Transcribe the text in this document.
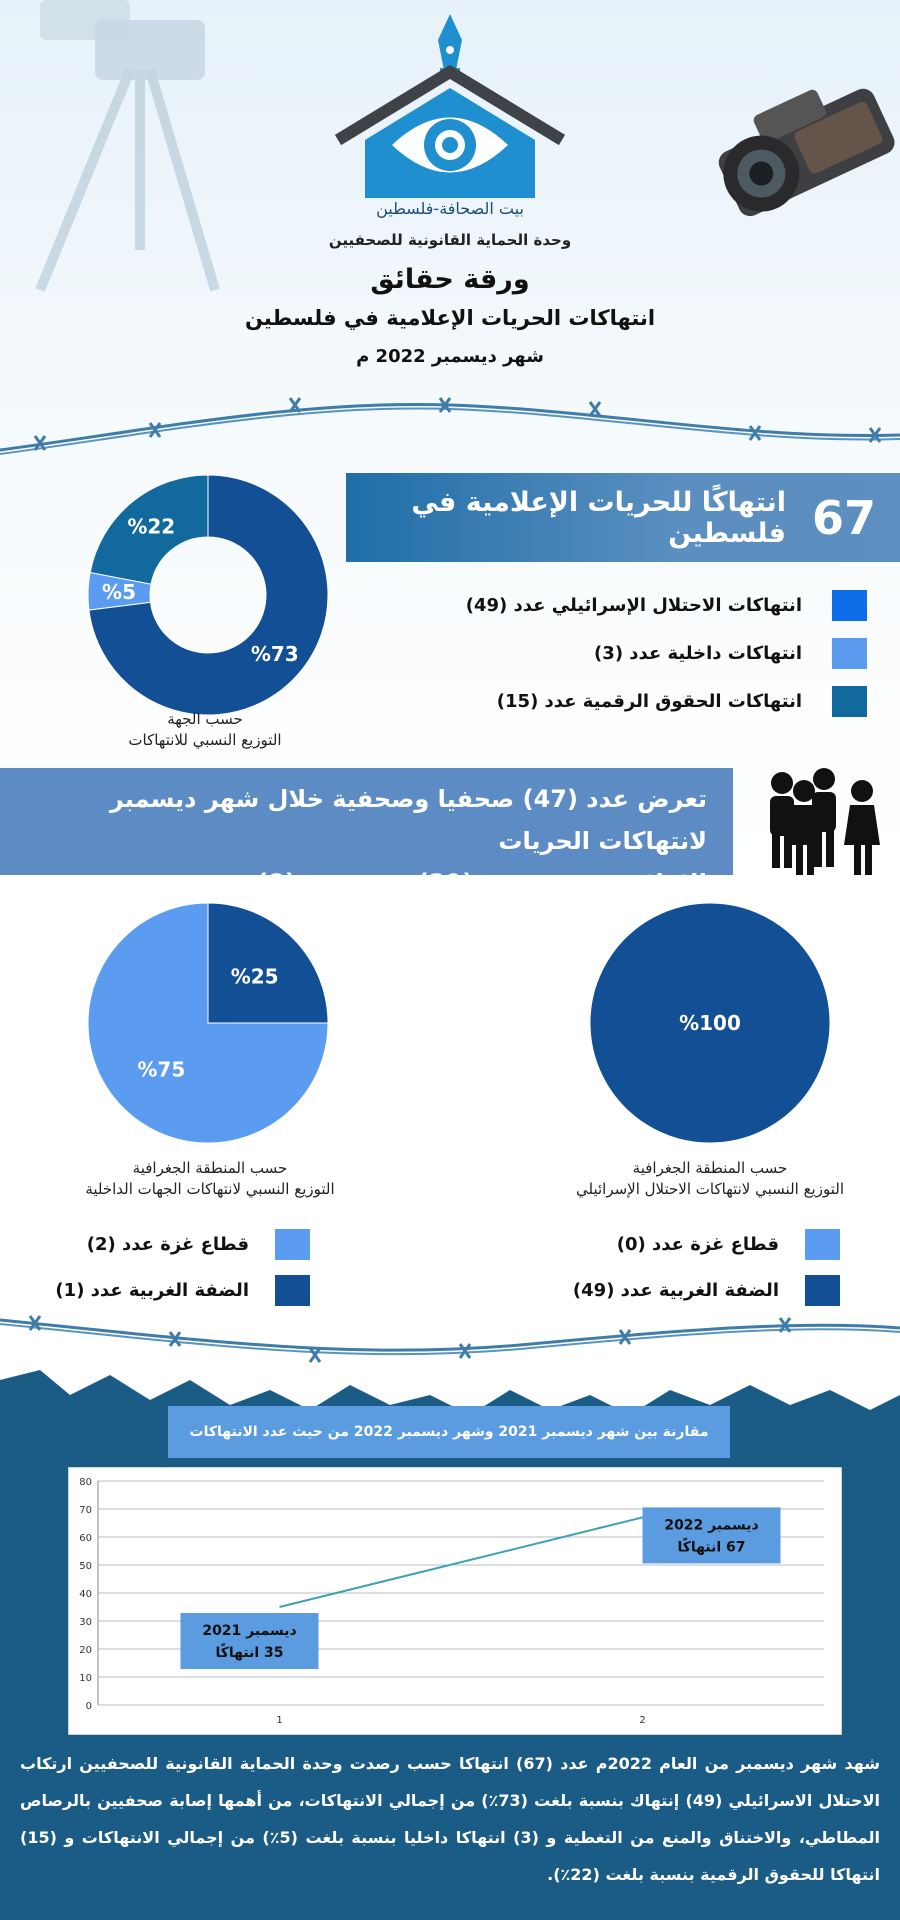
بيت الصحافة-فلسطين
وحدة الحماية القانونية للصحفيين
ورقة حقائق
انتهاكات الحريات الإعلامية في فلسطين
شهر ديسمبر 2022 م
%73
%5
%22
حسب الجهة
التوزيع النسبي للانتهاكات
67
انتهاكًا للحريات الإعلامية في فلسطين
انتهاكات الاحتلال الإسرائيلي عدد (49)
انتهاكات داخلية عدد (3)
انتهاكات الحقوق الرقمية عدد (15)
تعرض عدد (47) صحفيا وصحفية خلال شهر ديسمبر لانتهاكات الحريات
الإعلامية، من بينهم (39) صحفي و (8) صحفية.
%25
%75
حسب المنطقة الجغرافية
التوزيع النسبي لانتهاكات الجهات الداخلية
قطاع غزة عدد (2)
الضفة الغربية عدد (1)
%100
حسب المنطقة الجغرافية
التوزيع النسبي لانتهاكات الاحتلال الإسرائيلي
قطاع غزة عدد (0)
الضفة الغربية عدد (49)
مقارنة بين شهر ديسمبر 2021 وشهر ديسمبر 2022 من حيث عدد الانتهاكات
0
10
20
30
40
50
60
70
80
1	2
ديسمبر 2021
35 انتهاكًا
ديسمبر 2022
67 انتهاكًا
شهد شهر ديسمبر من العام 2022م عدد (67) انتهاكا حسب رصدت وحدة الحماية القانونية للصحفيين ارتكاب الاحتلال الاسرائيلي (49) إنتهاك بنسبة بلغت (73٪) من إجمالي الانتهاكات، من أهمها إصابة صحفيين بالرصاص المطاطي، والاختناق والمنع من التغطية و (3) انتهاكا داخليا بنسبة بلغت (5٪) من إجمالي الانتهاكات و (15) انتهاكا للحقوق الرقمية بنسبة بلغت (22٪).
